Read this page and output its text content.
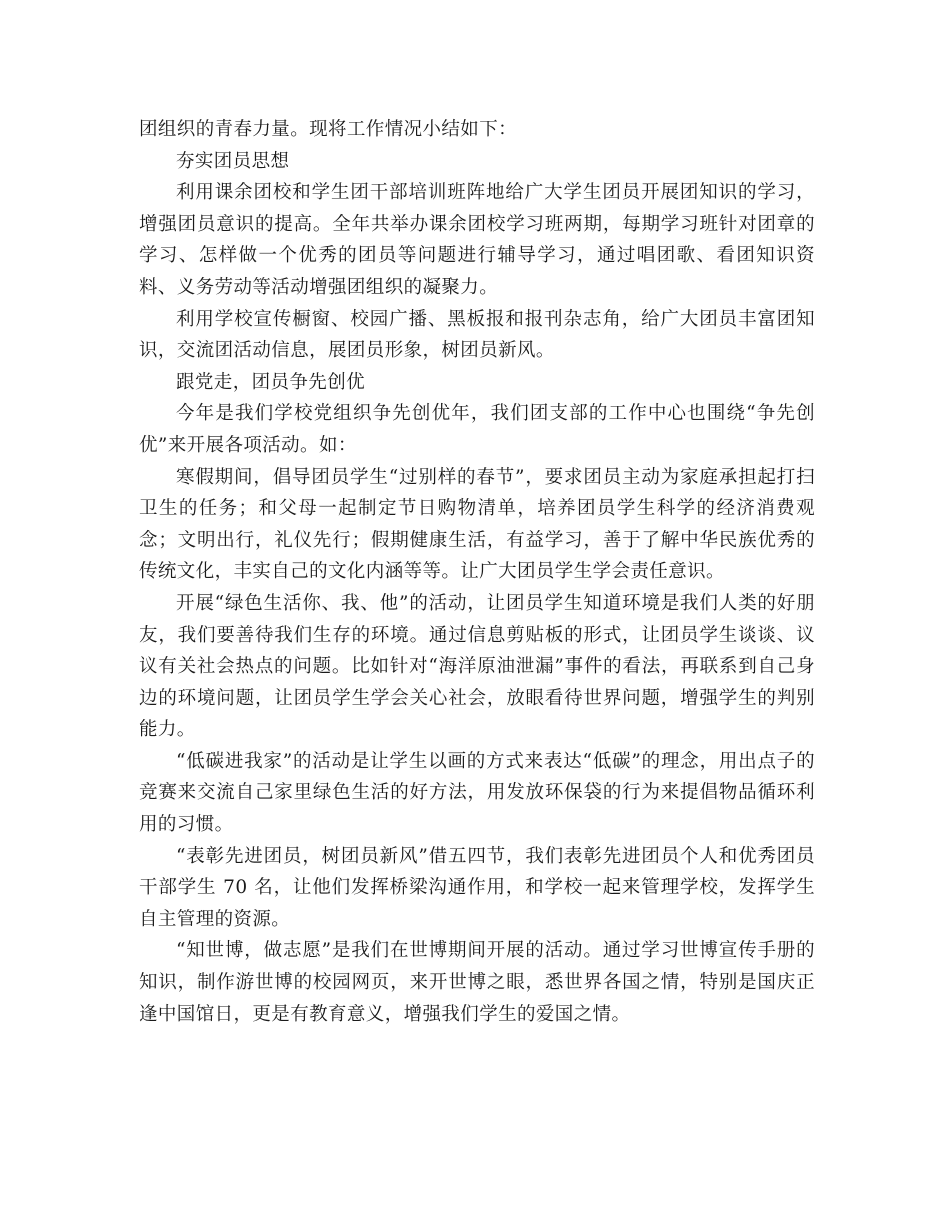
团组织的青春力量。现将工作情况小结如下：

夯实团员思想

利用课余团校和学生团干部培训班阵地给广大学生团员开展团知识的学习，增强团员意识的提高。全年共举办课余团校学习班两期，每期学习班针对团章的学习、怎样做一个优秀的团员等问题进行辅导学习，通过唱团歌、看团知识资料、义务劳动等活动增强团组织的凝聚力。

利用学校宣传橱窗、校园广播、黑板报和报刊杂志角，给广大团员丰富团知识，交流团活动信息，展团员形象，树团员新风。

跟党走，团员争先创优

今年是我们学校党组织争先创优年，我们团支部的工作中心也围绕“争先创优”来开展各项活动。如：

寒假期间，倡导团员学生“过别样的春节”，要求团员主动为家庭承担起打扫卫生的任务；和父母一起制定节日购物清单，培养团员学生科学的经济消费观念；文明出行，礼仪先行；假期健康生活，有益学习，善于了解中华民族优秀的传统文化，丰实自己的文化内涵等等。让广大团员学生学会责任意识。

开展“绿色生活你、我、他”的活动，让团员学生知道环境是我们人类的好朋友，我们要善待我们生存的环境。通过信息剪贴板的形式，让团员学生谈谈、议议有关社会热点的问题。比如针对“海洋原油泄漏”事件的看法，再联系到自己身边的环境问题，让团员学生学会关心社会，放眼看待世界问题，增强学生的判别能力。

“低碳进我家”的活动是让学生以画的方式来表达“低碳”的理念，用出点子的竞赛来交流自己家里绿色生活的好方法，用发放环保袋的行为来提倡物品循环利用的习惯。

“表彰先进团员，树团员新风”借五四节，我们表彰先进团员个人和优秀团员干部学生 70 名，让他们发挥桥梁沟通作用，和学校一起来管理学校，发挥学生自主管理的资源。

“知世博，做志愿”是我们在世博期间开展的活动。通过学习世博宣传手册的知识，制作游世博的校园网页，来开世博之眼，悉世界各国之情，特别是国庆正逢中国馆日，更是有教育意义，增强我们学生的爱国之情。
